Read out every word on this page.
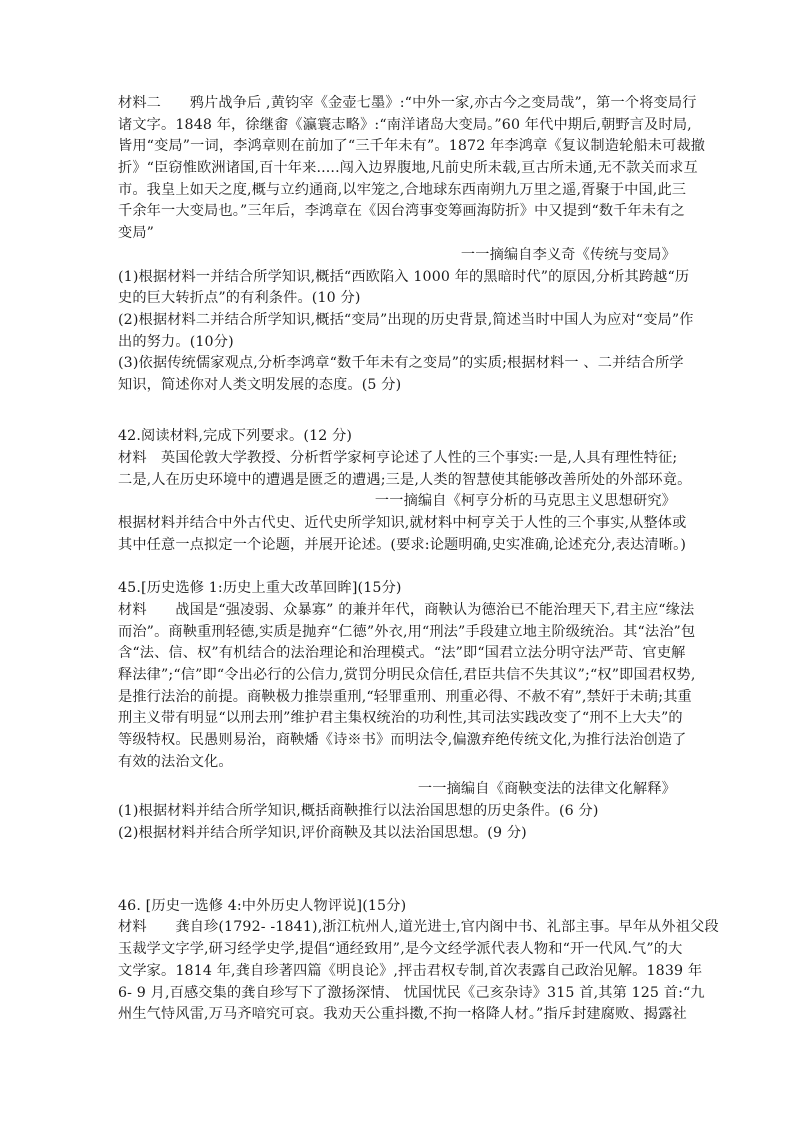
材料二　　鸦片战争后 ,黄钧宰《金壶七墨》:“中外一家,亦古今之变局哉”，第一个将变局行
诸文字。1848 年，徐继畬《瀛寰志略》:“南洋诸岛大变局。”60 年代中期后,朝野言及时局,
皆用“变局”一词，李鸿章则在前加了“三千年未有”。1872 年李鸿章《复议制造轮船未可裁撤
折》“臣窃惟欧洲诸国,百十年来.....闯入边界腹地,凡前史所未载,亘古所未通,无不款关而求互
市。我皇上如天之度,概与立约通商,以牢笼之,合地球东西南朔九万里之遥,胥聚于中国,此三
千余年一大变局也。”三年后，李鸿章在《因台湾事变筹画海防折》中又提到“数千年未有之
变局”
一一摘编自李义奇《传统与变局》
(1)根据材料一并结合所学知识,概括“西欧陷入 1000 年的黑暗时代”的原因,分析其跨越“历
史的巨大转折点”的有利条件。(10 分)
(2)根据材料二并结合所学知识,概括“变局”出现的历史背景,简述当时中国人为应对“变局”作
出的努力。(10分)
(3)依据传统儒家观点,分析李鸿章“数千年未有之变局”的实质;根据材料一 、二并结合所学
知识，简述你对人类文明发展的态度。(5 分)
42.阅读材料,完成下列要求。(12 分)
材料　英国伦敦大学教授、分析哲学家柯亨论述了人性的三个事实:一是,人具有理性特征;
二是,人在历史环境中的遭遇是匮乏的遭遇;三是,人类的智慧使其能够改善所处的外部环竟。
一一摘编自《柯亨分析的马克思主义思想研究》
根据材料并结合中外古代史、近代史所学知识,就材料中柯亨关于人性的三个事实,从整体或
其中任意一点拟定一个论题，并展开论述。(要求:论题明确,史实准确,论述充分,表达清晰。)
45.[历史选修 1:历史上重大改革回眸](15分)
材料　　战国是“强凌弱、众暴寡” 的兼并年代，商鞅认为德治已不能治理天下,君主应“缘法
而治”。商鞅重刑轻德,实质是抛弃“仁德”外衣,用“刑法”手段建立地主阶级统治。其“法治”包
含“法、信、权”有机结合的法治理论和治理模式。“法”即“国君立法分明守法严苛、官吏解
释法律”;“信”即“令出必行的公信力,赏罚分明民众信任,君臣共信不失其议”;“权”即国君权势,
是推行法治的前提。商鞅极力推崇重刑,“轻罪重刑、刑重必得、不赦不宥”,禁奸于未萌;其重
刑主义带有明显“以刑去刑”维护君主集权统治的功利性,其司法实践改变了“刑不上大夫”的
等级特权。民愚则易治，商鞅燔《诗※书》而明法令,偏激弃绝传统文化,为推行法治创造了
有效的法治文化。
一一摘编自《商鞅变法的法律文化解释》
(1)根据材料并结合所学知识,概括商鞅推行以法治国思想的历史条件。(6 分)
(2)根据材料并结合所学知识,评价商鞅及其以法治国思想。(9 分)
46. [历史一选修 4:中外历史人物评说](15分)
材料　　龚自珍(1792- -1841),浙江杭州人,道光进士,官内阁中书、礼部主事。早年从外祖父段
玉裁学文字学,研习经学史学,提倡“通经致用”,是今文经学派代表人物和“开一代风.气”的大
文学家。1814 年,龚自珍著四篇《明良论》,抨击君权专制,首次表露自己政治见解。1839 年
6- 9 月,百感交集的龚自珍写下了激扬深情、 忧国忧民《己亥杂诗》315 首,其第 125 首:“九
州生气恃风雷,万马齐喑究可哀。我劝天公重抖擞,不拘一格降人材。”指斥封建腐败、揭露社
